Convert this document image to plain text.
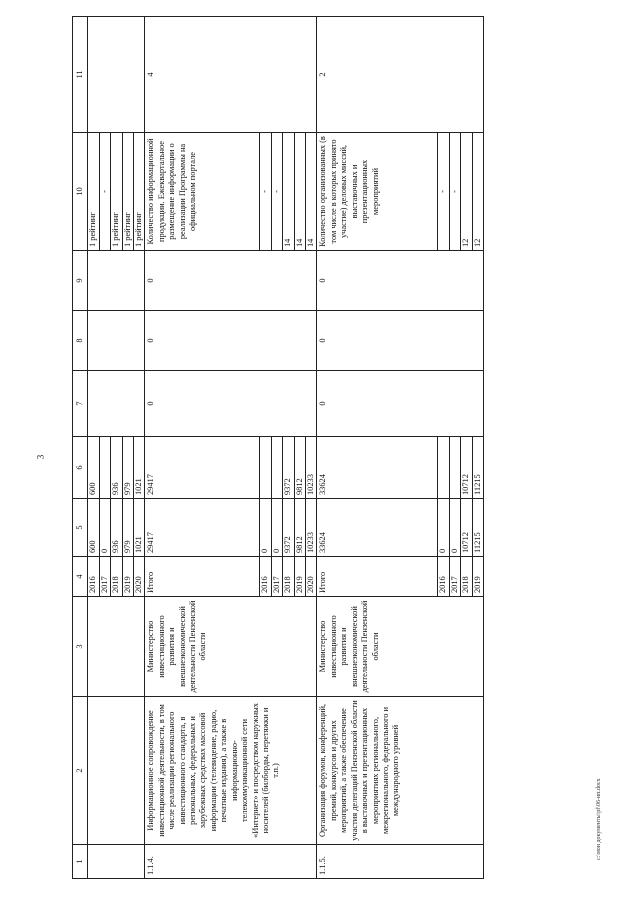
3
1	2	3	4	5	6	7	8	9	10	11
			2016	600	600				1 рейтинг	
			2017	0					-	
			2018	936	936				1 рейтинг	
			2019	979	979				1 рейтинг	
			2020	1021	1021				1 рейтинг	
1.1.4.	Информационное сопровождение инвестиционной деятельности, в том числе реализации регионального инвестиционного стандарта, в региональных, федеральных и зарубежных средствах массовой информации (телевидение, радио, печатные издания), а также в информационно-телекоммуникационной сети «Интернет» и посредством наружных носителей (билборды, перетяжки и т.п.)	Министерство инвестиционного развития и внешнеэкономической деятельности Пензенской области	Итого	29417	29417	0	0	0	Количество информационной продукции. Ежеквартальное размещение информации о реализации Программы на официальном портале	4
			2016	0					-	
			2017	0					-	
			2018	9372	9372				14	
			2019	9812	9812				14	
			2020	10233	10233				14	
1.1.5.	Организация форумов, конференций, премий, конкурсов и других мероприятий, а также обеспечение участия делегаций Пензенской области в выставочных и презентационных мероприятиях регионального, межрегионального, федерального и международного уровней	Министерство инвестиционного развития и внешнеэкономической деятельности Пензенской области	Итого	33624	33624	0	0	0	Количество организованных (в том числе в которых принято участие) деловых миссий, выставочных и презентационных мероприятий	2
			2016	0					-	
			2017	0					-	
			2018	10712	10712				12	
			2019	11215	11215				12	
c:\мои документы\pf\06-ип.docx
